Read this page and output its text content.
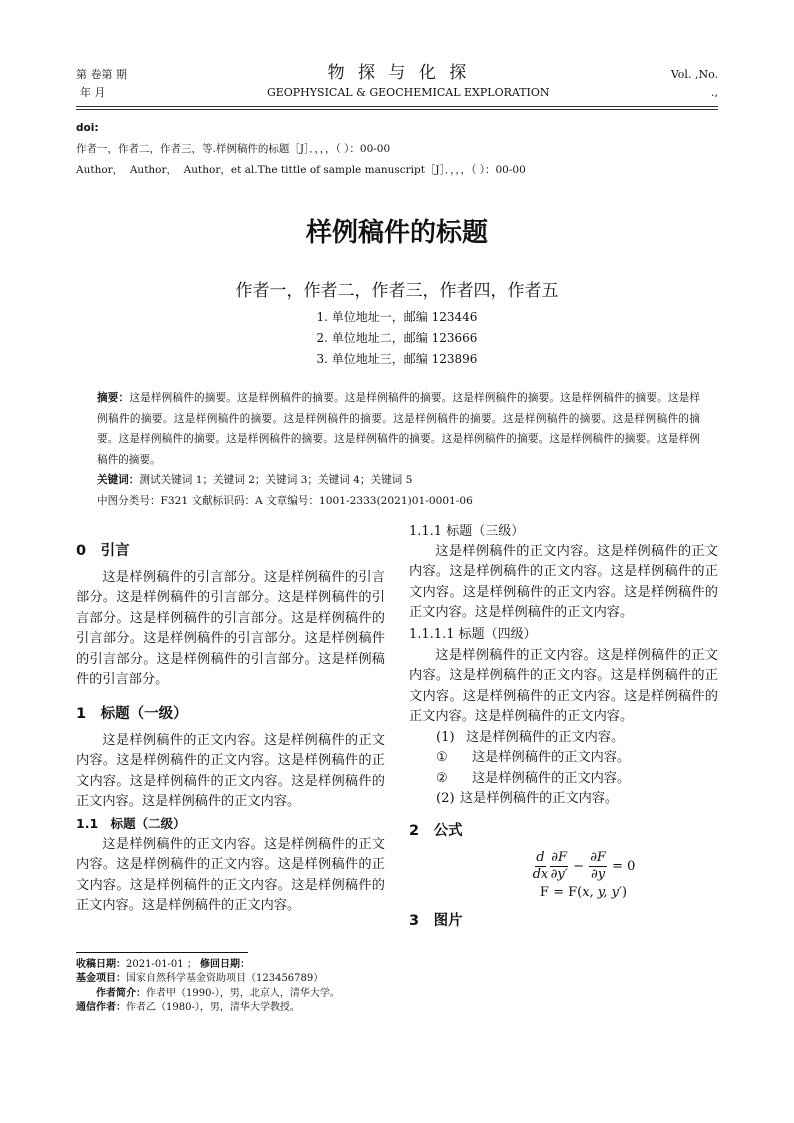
第 卷第 期	物 探 与 化 探	Vol. ,No.
年 月	GEOPHYSICAL & GEOCHEMICAL EXPLORATION	.,
doi:
作者一，作者二，作者三，等.样例稿件的标题［J］．，，，（ ）：00-00
Author，  Author，  Author，et al.The tittle of sample manuscript［J］．，，，（ ）：00-00
样例稿件的标题
作者一，作者二，作者三，作者四，作者五
1. 单位地址一，邮编 123446
2. 单位地址二，邮编 123666
3. 单位地址三，邮编 123896
摘要：这是样例稿件的摘要。这是样例稿件的摘要。这是样例稿件的摘要。这是样例稿件的摘要。这是样例稿件的摘要。这是样例稿件的摘要。这是样例稿件的摘要。这是样例稿件的摘要。这是样例稿件的摘要。这是样例稿件的摘要。这是样例稿件的摘要。这是样例稿件的摘要。这是样例稿件的摘要。这是样例稿件的摘要。这是样例稿件的摘要。这是样例稿件的摘要。这是样例稿件的摘要。
关键词：测试关键词 1；关键词 2；关键词 3；关键词 4；关键词 5
中图分类号：F321 文献标识码：A 文章编号：1001-2333(2021)01-0001-06
0　引言
这是样例稿件的引言部分。这是样例稿件的引言部分。这是样例稿件的引言部分。这是样例稿件的引言部分。这是样例稿件的引言部分。这是样例稿件的引言部分。这是样例稿件的引言部分。这是样例稿件的引言部分。这是样例稿件的引言部分。这是样例稿件的引言部分。
1　标题（一级）
这是样例稿件的正文内容。这是样例稿件的正文内容。这是样例稿件的正文内容。这是样例稿件的正文内容。这是样例稿件的正文内容。这是样例稿件的正文内容。这是样例稿件的正文内容。
1.1　标题（二级）
这是样例稿件的正文内容。这是样例稿件的正文内容。这是样例稿件的正文内容。这是样例稿件的正文内容。这是样例稿件的正文内容。这是样例稿件的正文内容。这是样例稿件的正文内容。
1.1.1 标题（三级）
这是样例稿件的正文内容。这是样例稿件的正文内容。这是样例稿件的正文内容。这是样例稿件的正文内容。这是样例稿件的正文内容。这是样例稿件的正文内容。这是样例稿件的正文内容。
1.1.1.1 标题（四级）
这是样例稿件的正文内容。这是样例稿件的正文内容。这是样例稿件的正文内容。这是样例稿件的正文内容。这是样例稿件的正文内容。这是样例稿件的正文内容。这是样例稿件的正文内容。
(1) 这是样例稿件的正文内容。
① 这是样例稿件的正文内容。
② 这是样例稿件的正文内容。
(2) 这是样例稿件的正文内容。
2　公式
$\frac{d}{dx} \frac{\partial F}{\partial y'} - \frac{\partial F}{\partial y} = 0$
F = F(x, y, y′)
3　图片
收稿日期：2021-01-01 ； 修回日期：
基金项目：国家自然科学基金资助项目（123456789）
作者简介：作者甲（1990-），男，北京人，清华大学。
通信作者：作者乙（1980-），男，清华大学教授。
